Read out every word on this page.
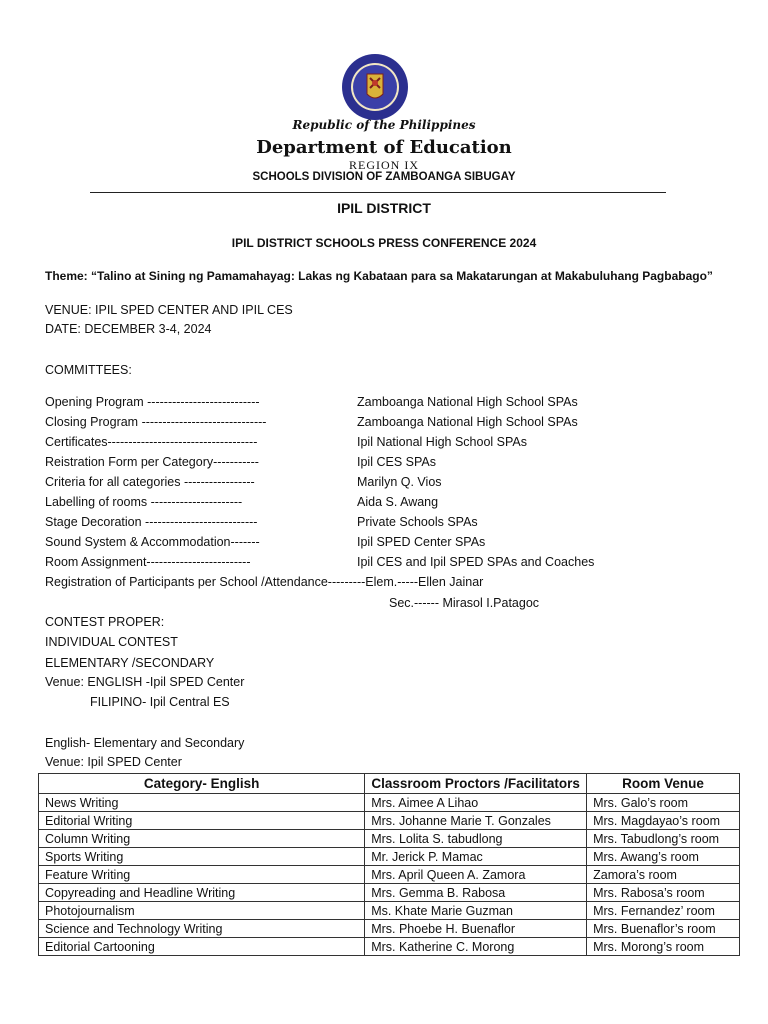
Republic of the Philippines
Department of Education
REGION IX
SCHOOLS DIVISION OF ZAMBOANGA SIBUGAY
IPIL DISTRICT
IPIL DISTRICT SCHOOLS PRESS CONFERENCE 2024
Theme: “Talino at Sining ng Pamamahayag: Lakas ng Kabataan para sa Makatarungan at Makabuluhang Pagbabago”
VENUE: IPIL SPED CENTER AND IPIL CES
DATE: DECEMBER 3-4, 2024
COMMITTEES:
Opening Program ---------------------------	Zamboanga National High School SPAs
Closing Program ------------------------------	Zamboanga National High School SPAs
Certificates------------------------------------	Ipil National High School SPAs
Reistration Form per Category-----------	Ipil CES SPAs
Criteria for all categories -----------------	Marilyn Q. Vios
Labelling of rooms ----------------------	Aida S. Awang
Stage Decoration ---------------------------	Private Schools SPAs
Sound System & Accommodation-------	Ipil SPED Center SPAs
Room Assignment-------------------------	Ipil CES and Ipil SPED SPAs and Coaches
Registration of Participants per School /Attendance---------Elem.-----Ellen Jainar
Sec.------ Mirasol I.Patagoc
CONTEST PROPER:
INDIVIDUAL CONTEST
ELEMENTARY /SECONDARY
Venue: ENGLISH -Ipil SPED Center
FILIPINO- Ipil Central ES
English- Elementary and Secondary
Venue: Ipil SPED Center
Category- English	Classroom Proctors /Facilitators	Room Venue
News Writing	Mrs. Aimee A Lihao	Mrs. Galo’s room
Editorial Writing	Mrs. Johanne Marie T. Gonzales	Mrs. Magdayao’s room
Column Writing	Mrs. Lolita S. tabudlong	Mrs. Tabudlong’s room
Sports Writing	Mr. Jerick P. Mamac	Mrs. Awang’s room
Feature Writing	Mrs. April Queen A. Zamora	Zamora’s room
Copyreading and Headline Writing	Mrs. Gemma B. Rabosa	Mrs. Rabosa’s room
Photojournalism	Ms. Khate Marie Guzman	Mrs. Fernandez’ room
Science and Technology Writing	Mrs. Phoebe H. Buenaflor	Mrs. Buenaflor’s room
Editorial Cartooning	Mrs. Katherine C. Morong	Mrs. Morong’s room
